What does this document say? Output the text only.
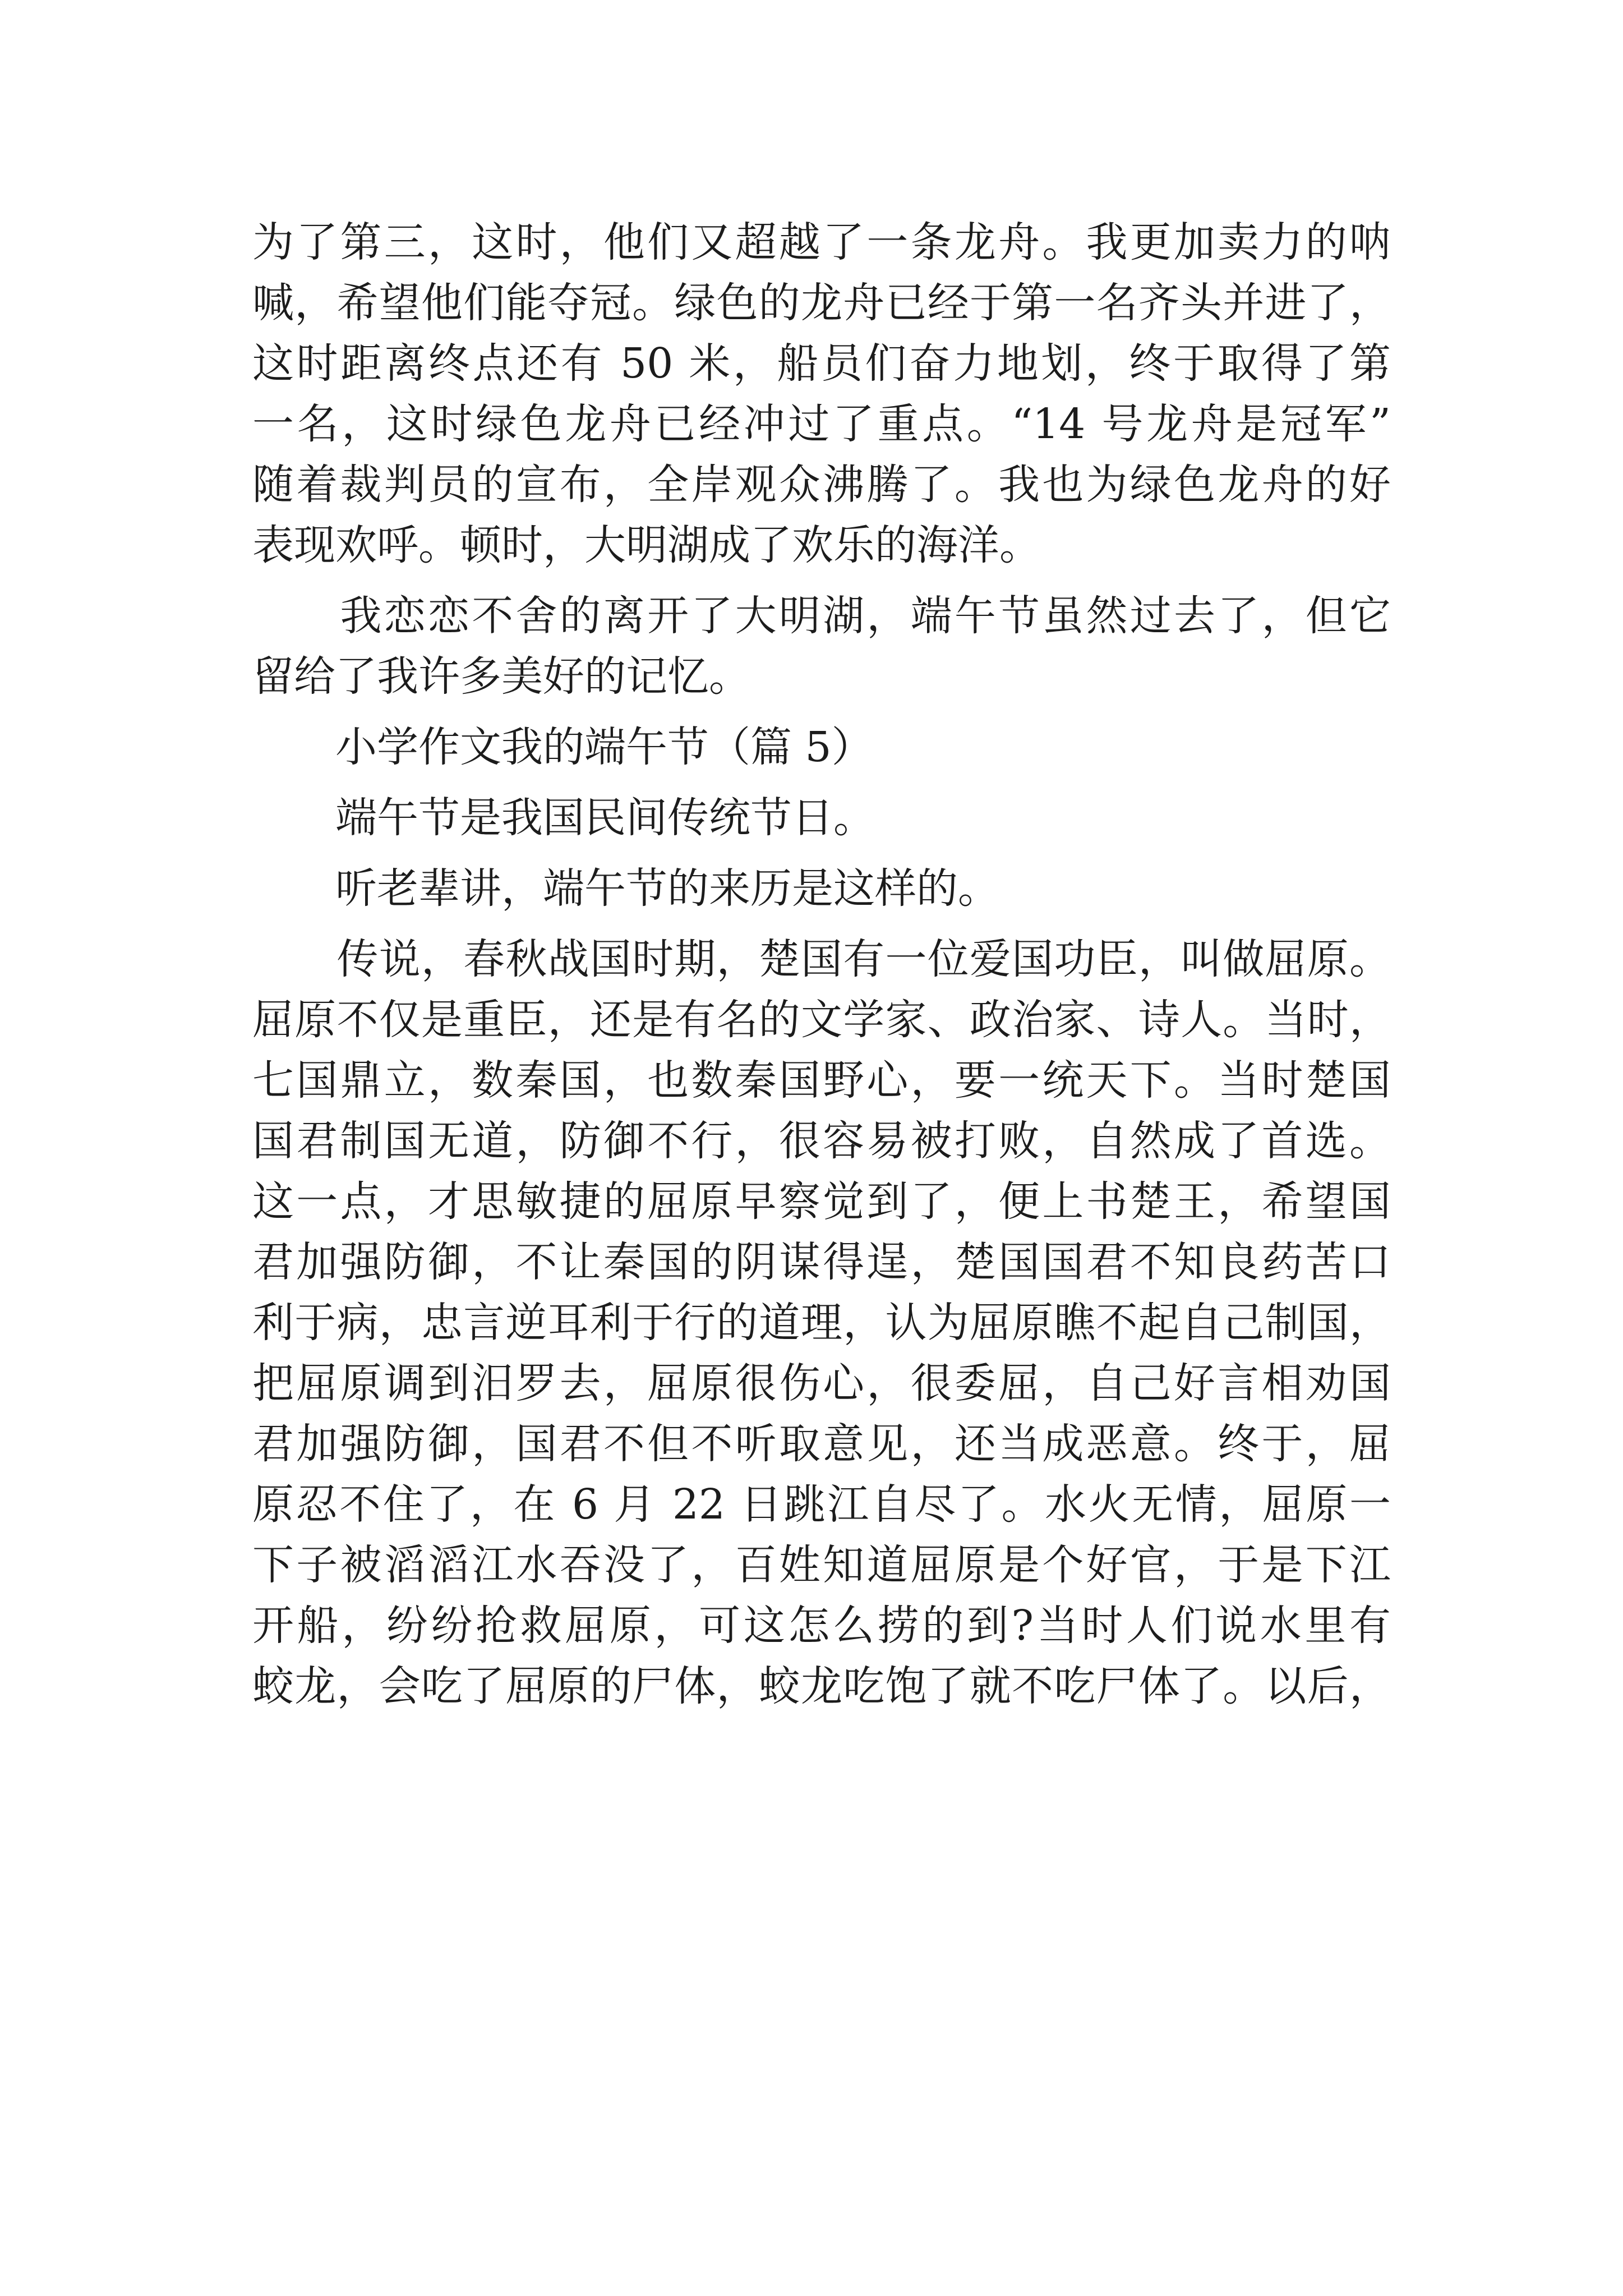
为了第三，这时，他们又超越了一条龙舟。我更加卖力的呐
喊，希望他们能夺冠。绿色的龙舟已经于第一名齐头并进了，
这时距离终点还有 50 米，船员们奋力地划，终于取得了第
一名，这时绿色龙舟已经冲过了重点。“14 号龙舟是冠军”
随着裁判员的宣布，全岸观众沸腾了。我也为绿色龙舟的好
表现欢呼。顿时，大明湖成了欢乐的海洋。
　　我恋恋不舍的离开了大明湖，端午节虽然过去了，但它
留给了我许多美好的记忆。
　　小学作文我的端午节（篇 5）
　　端午节是我国民间传统节日。
　　听老辈讲，端午节的来历是这样的。
　　传说，春秋战国时期，楚国有一位爱国功臣，叫做屈原。
屈原不仅是重臣，还是有名的文学家、政治家、诗人。当时，
七国鼎立，数秦国，也数秦国野心，要一统天下。当时楚国
国君制国无道，防御不行，很容易被打败，自然成了首选。
这一点，才思敏捷的屈原早察觉到了，便上书楚王，希望国
君加强防御，不让秦国的阴谋得逞，楚国国君不知良药苦口
利于病，忠言逆耳利于行的道理，认为屈原瞧不起自己制国，
把屈原调到汨罗去，屈原很伤心，很委屈，自己好言相劝国
君加强防御，国君不但不听取意见，还当成恶意。终于，屈
原忍不住了，在 6 月 22 日跳江自尽了。水火无情，屈原一
下子被滔滔江水吞没了，百姓知道屈原是个好官，于是下江
开船，纷纷抢救屈原，可这怎么捞的到?当时人们说水里有
蛟龙，会吃了屈原的尸体，蛟龙吃饱了就不吃尸体了。以后，
